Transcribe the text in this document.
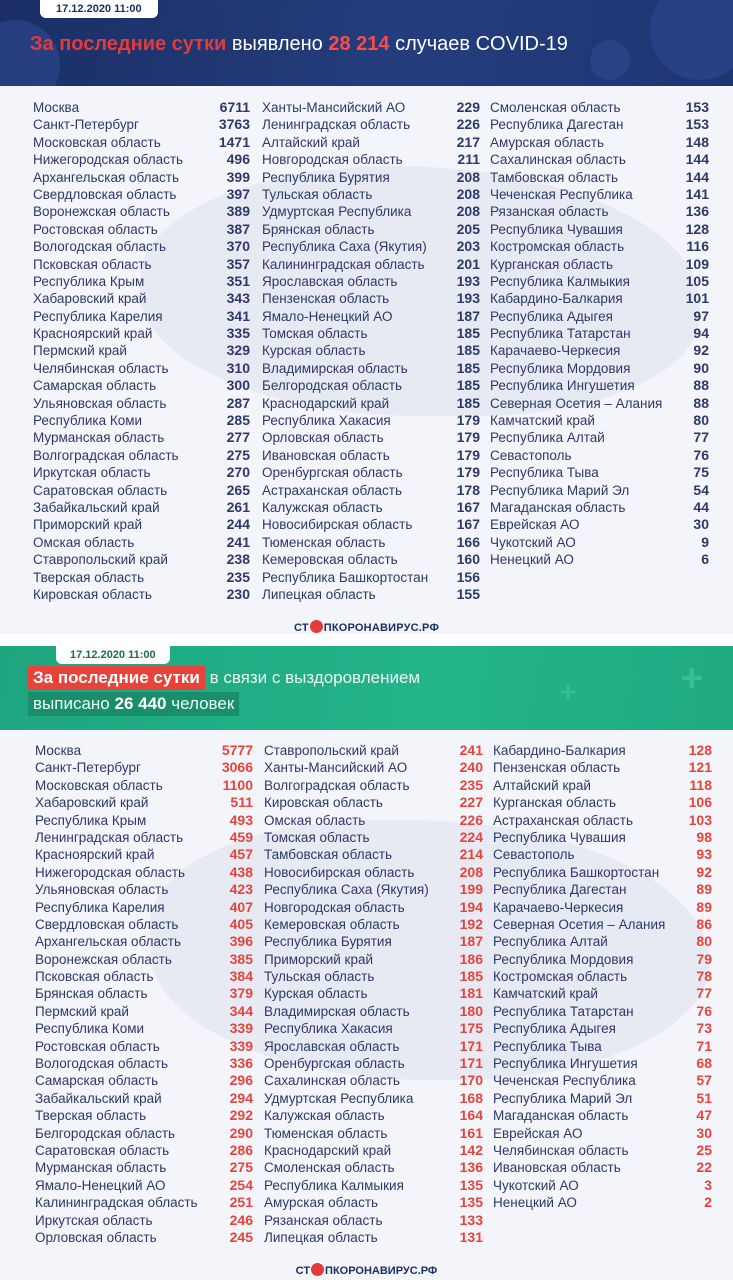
17.12.2020 11:00
За последние сутки выявлено 28 214 случаев COVID-19
Москва	6711
Санкт-Петербург	3763
Московская область	1471
Нижегородская область	496
Архангельская область	399
Свердловская область	397
Воронежская область	389
Ростовская область	387
Вологодская область	370
Псковская область	357
Республика Крым	351
Хабаровский край	343
Республика Карелия	341
Красноярский край	335
Пермский край	329
Челябинская область	310
Самарская область	300
Ульяновская область	287
Республика Коми	285
Мурманская область	277
Волгоградская область	275
Иркутская область	270
Саратовская область	265
Забайкальский край	261
Приморский край	244
Омская область	241
Ставропольский край	238
Тверская область	235
Кировская область	230
Ханты-Мансийский АО	229
Ленинградская область	226
Алтайский край	217
Новгородская область	211
Республика Бурятия	208
Тульская область	208
Удмуртская Республика	208
Брянская область	205
Республика Саха (Якутия) 203
Калининградская область 201
Ярославская область	193
Пензенская область	193
Ямало-Ненецкий АО	187
Томская область	185
Курская область	185
Владимирская область	185
Белгородская область	185
Краснодарский край	185
Республика Хакасия	179
Орловская область	179
Ивановская область	179
Оренбургская область	179
Астраханская область	178
Калужская область	167
Новосибирская область	167
Тюменская область	166
Кемеровская область	160
Республика Башкортостан 156
Липецкая область	155
Смоленская область	153
Республика Дагестан	153
Амурская область	148
Сахалинская область	144
Тамбовская область	144
Чеченская Республика	141
Рязанская область	136
Республика Чувашия	128
Костромская область	116
Курганская область	109
Республика Калмыкия	105
Кабардино-Балкария	101
Республика Адыгея	97
Республика Татарстан	94
Карачаево-Черкесия	92
Республика Мордовия	90
Республика Ингушетия	88
Северная Осетия – Алания 88
Камчатский край	80
Республика Алтай	77
Севастополь	76
Республика Тыва	75
Республика Марий Эл	54
Магаданская область	44
Еврейская АО	30
Чукотский АО	9
Ненецкий АО	6
СТ ПКОРОНАВИРУС.РФ
+
+
17.12.2020 11:00
За последние сутки в связи с выздоровлением
выписано 26 440 человек
Москва	5777
Санкт-Петербург	3066
Московская область	1100
Хабаровский край	511
Республика Крым	493
Ленинградская область	459
Красноярский край	457
Нижегородская область	438
Ульяновская область	423
Республика Карелия	407
Свердловская область	405
Архангельская область	396
Воронежская область	385
Псковская область	384
Брянская область	379
Пермский край	344
Республика Коми	339
Ростовская область	339
Вологодская область	336
Самарская область	296
Забайкальский край	294
Тверская область	292
Белгородская область	290
Саратовская область	286
Мурманская область	275
Ямало-Ненецкий АО	254
Калининградская область 251
Иркутская область	246
Орловская область	245
Ставропольский край	241
Ханты-Мансийский АО	240
Волгоградская область	235
Кировская область	227
Омская область	226
Томская область	224
Тамбовская область	214
Новосибирская область	208
Республика Саха (Якутия) 199
Новгородская область	194
Кемеровская область	192
Республика Бурятия	187
Приморский край	186
Тульская область	185
Курская область	181
Владимирская область	180
Республика Хакасия	175
Ярославская область	171
Оренбургская область	171
Сахалинская область	170
Удмуртская Республика	168
Калужская область	164
Тюменская область	161
Краснодарский край	142
Смоленская область	136
Республика Калмыкия	135
Амурская область	135
Рязанская область	133
Липецкая область	131
Кабардино-Балкария	128
Пензенская область	121
Алтайский край	118
Курганская область	106
Астраханская область	103
Республика Чувашия	98
Севастополь	93
Республика Башкортостан	92
Республика Дагестан	89
Карачаево-Черкесия	89
Северная Осетия – Алания 86
Республика Алтай	80
Республика Мордовия	79
Костромская область	78
Камчатский край	77
Республика Татарстан	76
Республика Адыгея	73
Республика Тыва	71
Республика Ингушетия	68
Чеченская Республика	57
Республика Марий Эл	51
Магаданская область	47
Еврейская АО	30
Челябинская область	25
Ивановская область	22
Чукотский АО	3
Ненецкий АО	2
СТ ПКОРОНАВИРУС.РФ
